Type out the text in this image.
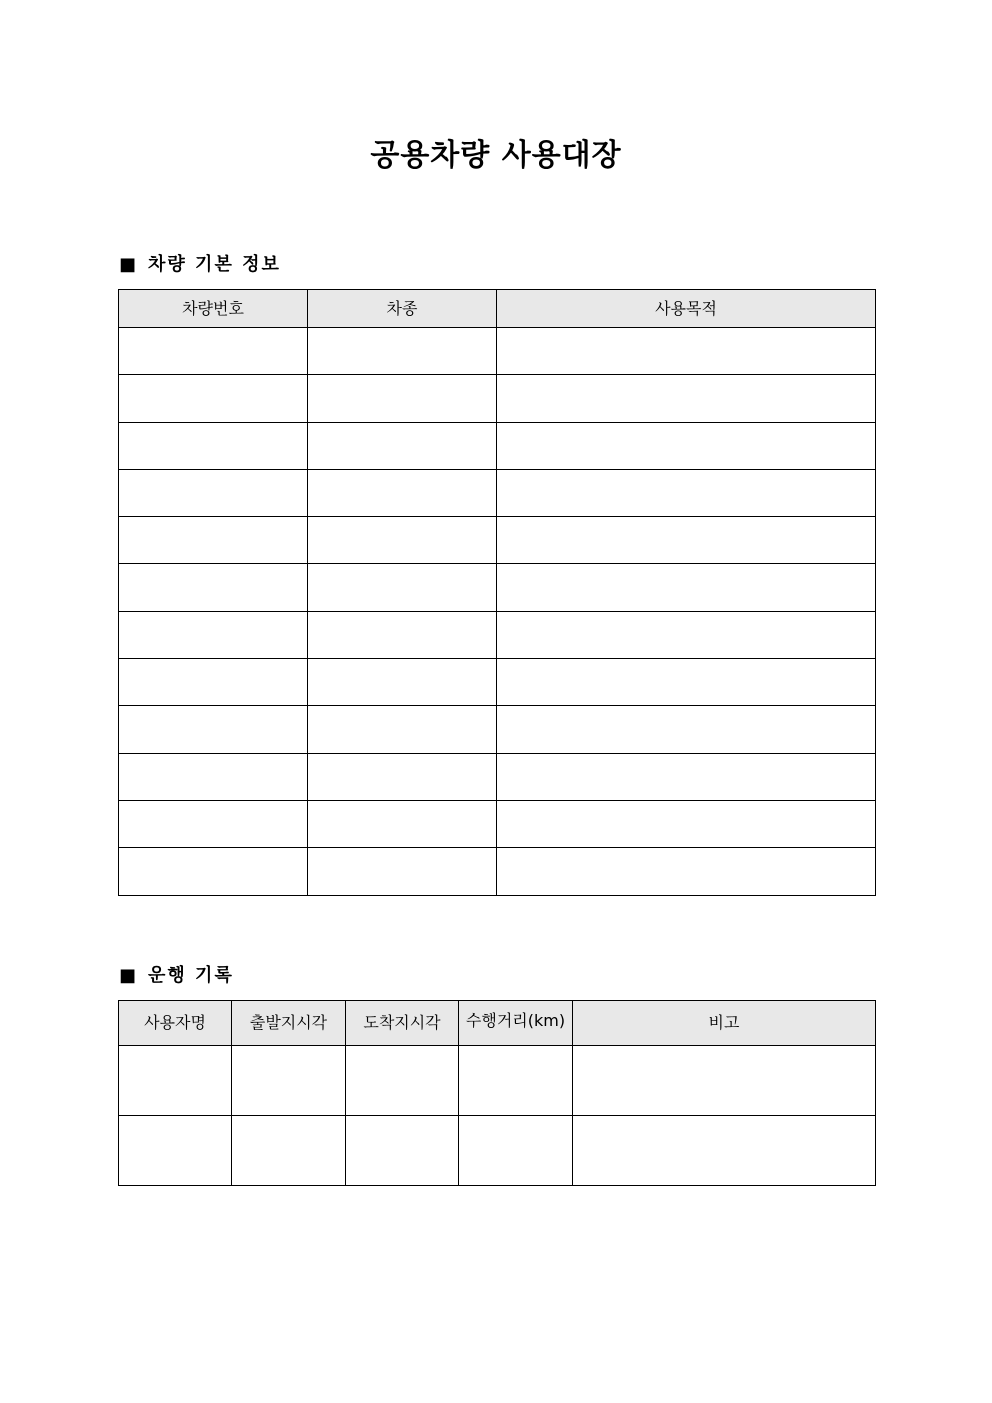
공용차량 사용대장
■ 차량 기본 정보
차량번호	차종	사용목적

■ 운행 기록
사용자명	출발지시각	도착지시각	수행거리(km)	비고
